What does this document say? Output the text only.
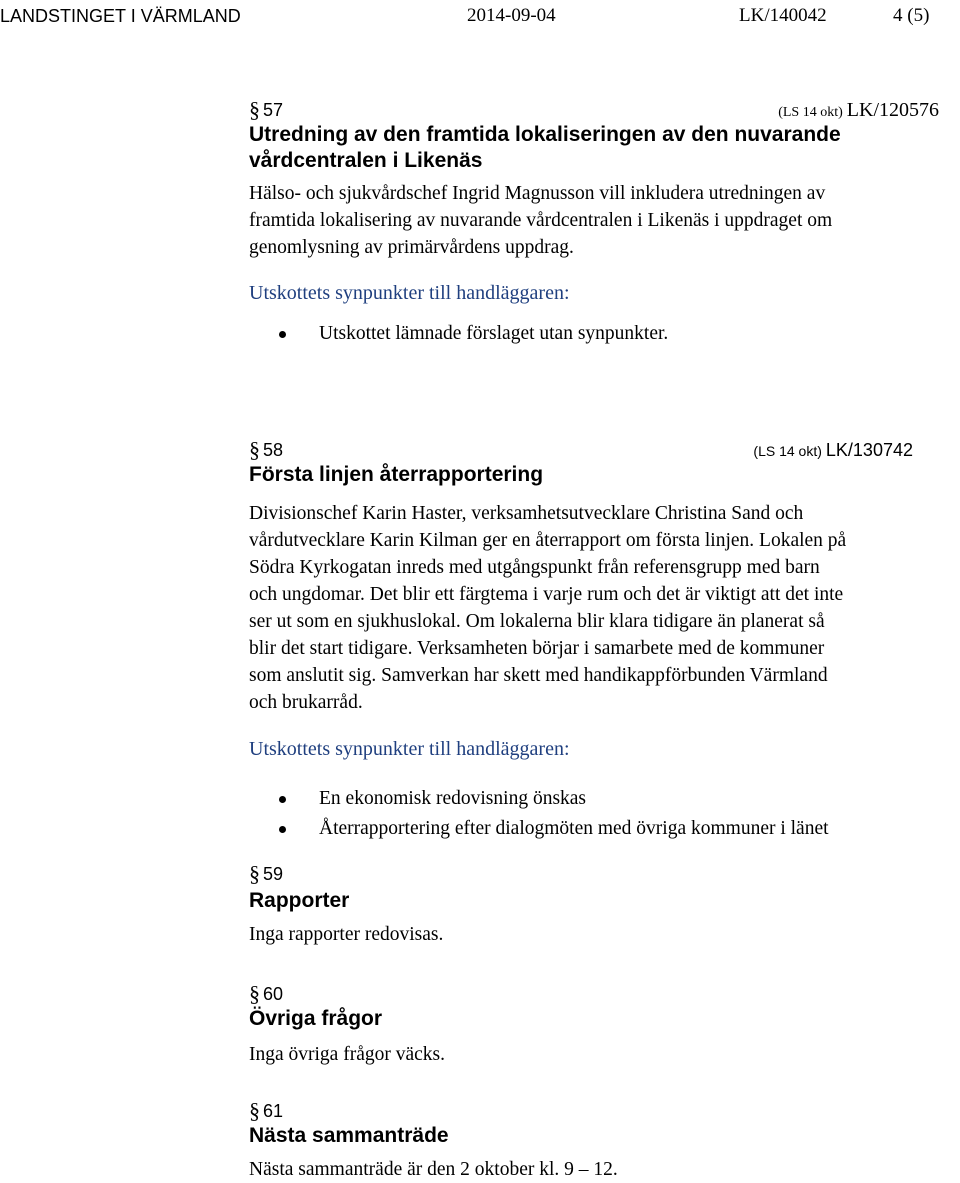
LANDSTINGET I VÄRMLAND	2014-09-04	LK/140042	4 (5)
§ 57	(LS 14 okt) LK/120576
Utredning av den framtida lokaliseringen av den nuvarande
vårdcentralen i Likenäs
Hälso- och sjukvårdschef Ingrid Magnusson vill inkludera utredningen av
framtida lokalisering av nuvarande vårdcentralen i Likenäs i uppdraget om
genomlysning av primärvårdens uppdrag.
Utskottets synpunkter till handläggaren:
Utskottet lämnade förslaget utan synpunkter.
§ 58	(LS 14 okt) LK/130742
Första linjen återrapportering
Divisionschef Karin Haster, verksamhetsutvecklare Christina Sand och
vårdutvecklare Karin Kilman ger en återrapport om första linjen. Lokalen på
Södra Kyrkogatan inreds med utgångspunkt från referensgrupp med barn
och ungdomar. Det blir ett färgtema i varje rum och det är viktigt att det inte
ser ut som en sjukhuslokal. Om lokalerna blir klara tidigare än planerat så
blir det start tidigare. Verksamheten börjar i samarbete med de kommuner
som anslutit sig. Samverkan har skett med handikappförbunden Värmland
och brukarråd.
Utskottets synpunkter till handläggaren:
En ekonomisk redovisning önskas
Återrapportering efter dialogmöten med övriga kommuner i länet
§ 59
Rapporter
Inga rapporter redovisas.
§ 60
Övriga frågor
Inga övriga frågor väcks.
§ 61
Nästa sammanträde
Nästa sammanträde är den 2 oktober kl. 9 – 12.
